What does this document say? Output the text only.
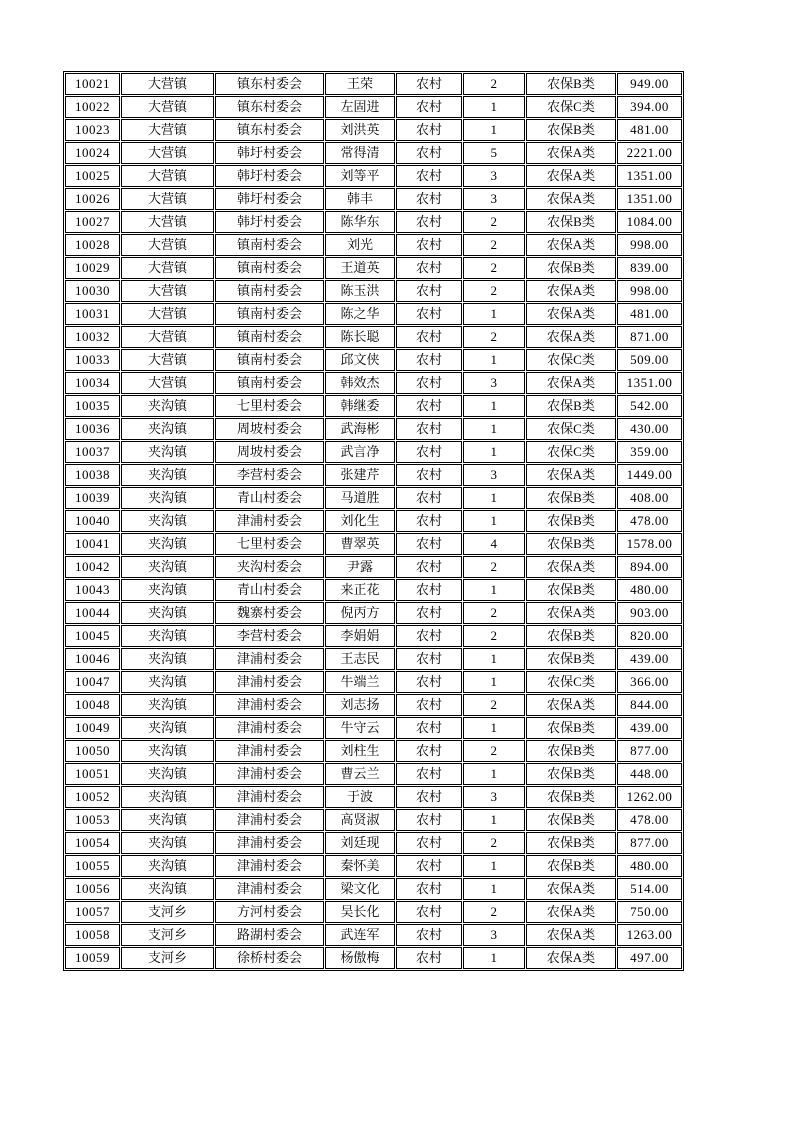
10021	大营镇	镇东村委会	王荣	农村	2	农保B类	949.00
10022	大营镇	镇东村委会	左固进	农村	1	农保C类	394.00
10023	大营镇	镇东村委会	刘洪英	农村	1	农保B类	481.00
10024	大营镇	韩圩村委会	常得清	农村	5	农保A类	2221.00
10025	大营镇	韩圩村委会	刘等平	农村	3	农保A类	1351.00
10026	大营镇	韩圩村委会	韩丰	农村	3	农保A类	1351.00
10027	大营镇	韩圩村委会	陈华东	农村	2	农保B类	1084.00
10028	大营镇	镇南村委会	刘光	农村	2	农保A类	998.00
10029	大营镇	镇南村委会	王道英	农村	2	农保B类	839.00
10030	大营镇	镇南村委会	陈玉洪	农村	2	农保A类	998.00
10031	大营镇	镇南村委会	陈之华	农村	1	农保A类	481.00
10032	大营镇	镇南村委会	陈长聪	农村	2	农保A类	871.00
10033	大营镇	镇南村委会	邱文侠	农村	1	农保C类	509.00
10034	大营镇	镇南村委会	韩效杰	农村	3	农保A类	1351.00
10035	夹沟镇	七里村委会	韩继委	农村	1	农保B类	542.00
10036	夹沟镇	周坡村委会	武海彬	农村	1	农保C类	430.00
10037	夹沟镇	周坡村委会	武言净	农村	1	农保C类	359.00
10038	夹沟镇	李营村委会	张建芹	农村	3	农保A类	1449.00
10039	夹沟镇	青山村委会	马道胜	农村	1	农保B类	408.00
10040	夹沟镇	津浦村委会	刘化生	农村	1	农保B类	478.00
10041	夹沟镇	七里村委会	曹翠英	农村	4	农保B类	1578.00
10042	夹沟镇	夹沟村委会	尹露	农村	2	农保A类	894.00
10043	夹沟镇	青山村委会	来正花	农村	1	农保B类	480.00
10044	夹沟镇	魏寨村委会	倪丙方	农村	2	农保A类	903.00
10045	夹沟镇	李营村委会	李娟娟	农村	2	农保B类	820.00
10046	夹沟镇	津浦村委会	王志民	农村	1	农保B类	439.00
10047	夹沟镇	津浦村委会	牛端兰	农村	1	农保C类	366.00
10048	夹沟镇	津浦村委会	刘志扬	农村	2	农保A类	844.00
10049	夹沟镇	津浦村委会	牛守云	农村	1	农保B类	439.00
10050	夹沟镇	津浦村委会	刘柱生	农村	2	农保B类	877.00
10051	夹沟镇	津浦村委会	曹云兰	农村	1	农保B类	448.00
10052	夹沟镇	津浦村委会	于波	农村	3	农保B类	1262.00
10053	夹沟镇	津浦村委会	高贤淑	农村	1	农保B类	478.00
10054	夹沟镇	津浦村委会	刘廷现	农村	2	农保B类	877.00
10055	夹沟镇	津浦村委会	秦怀美	农村	1	农保B类	480.00
10056	夹沟镇	津浦村委会	梁文化	农村	1	农保A类	514.00
10057	支河乡	方河村委会	吴长化	农村	2	农保A类	750.00
10058	支河乡	路湖村委会	武连军	农村	3	农保A类	1263.00
10059	支河乡	徐桥村委会	杨傲梅	农村	1	农保A类	497.00
